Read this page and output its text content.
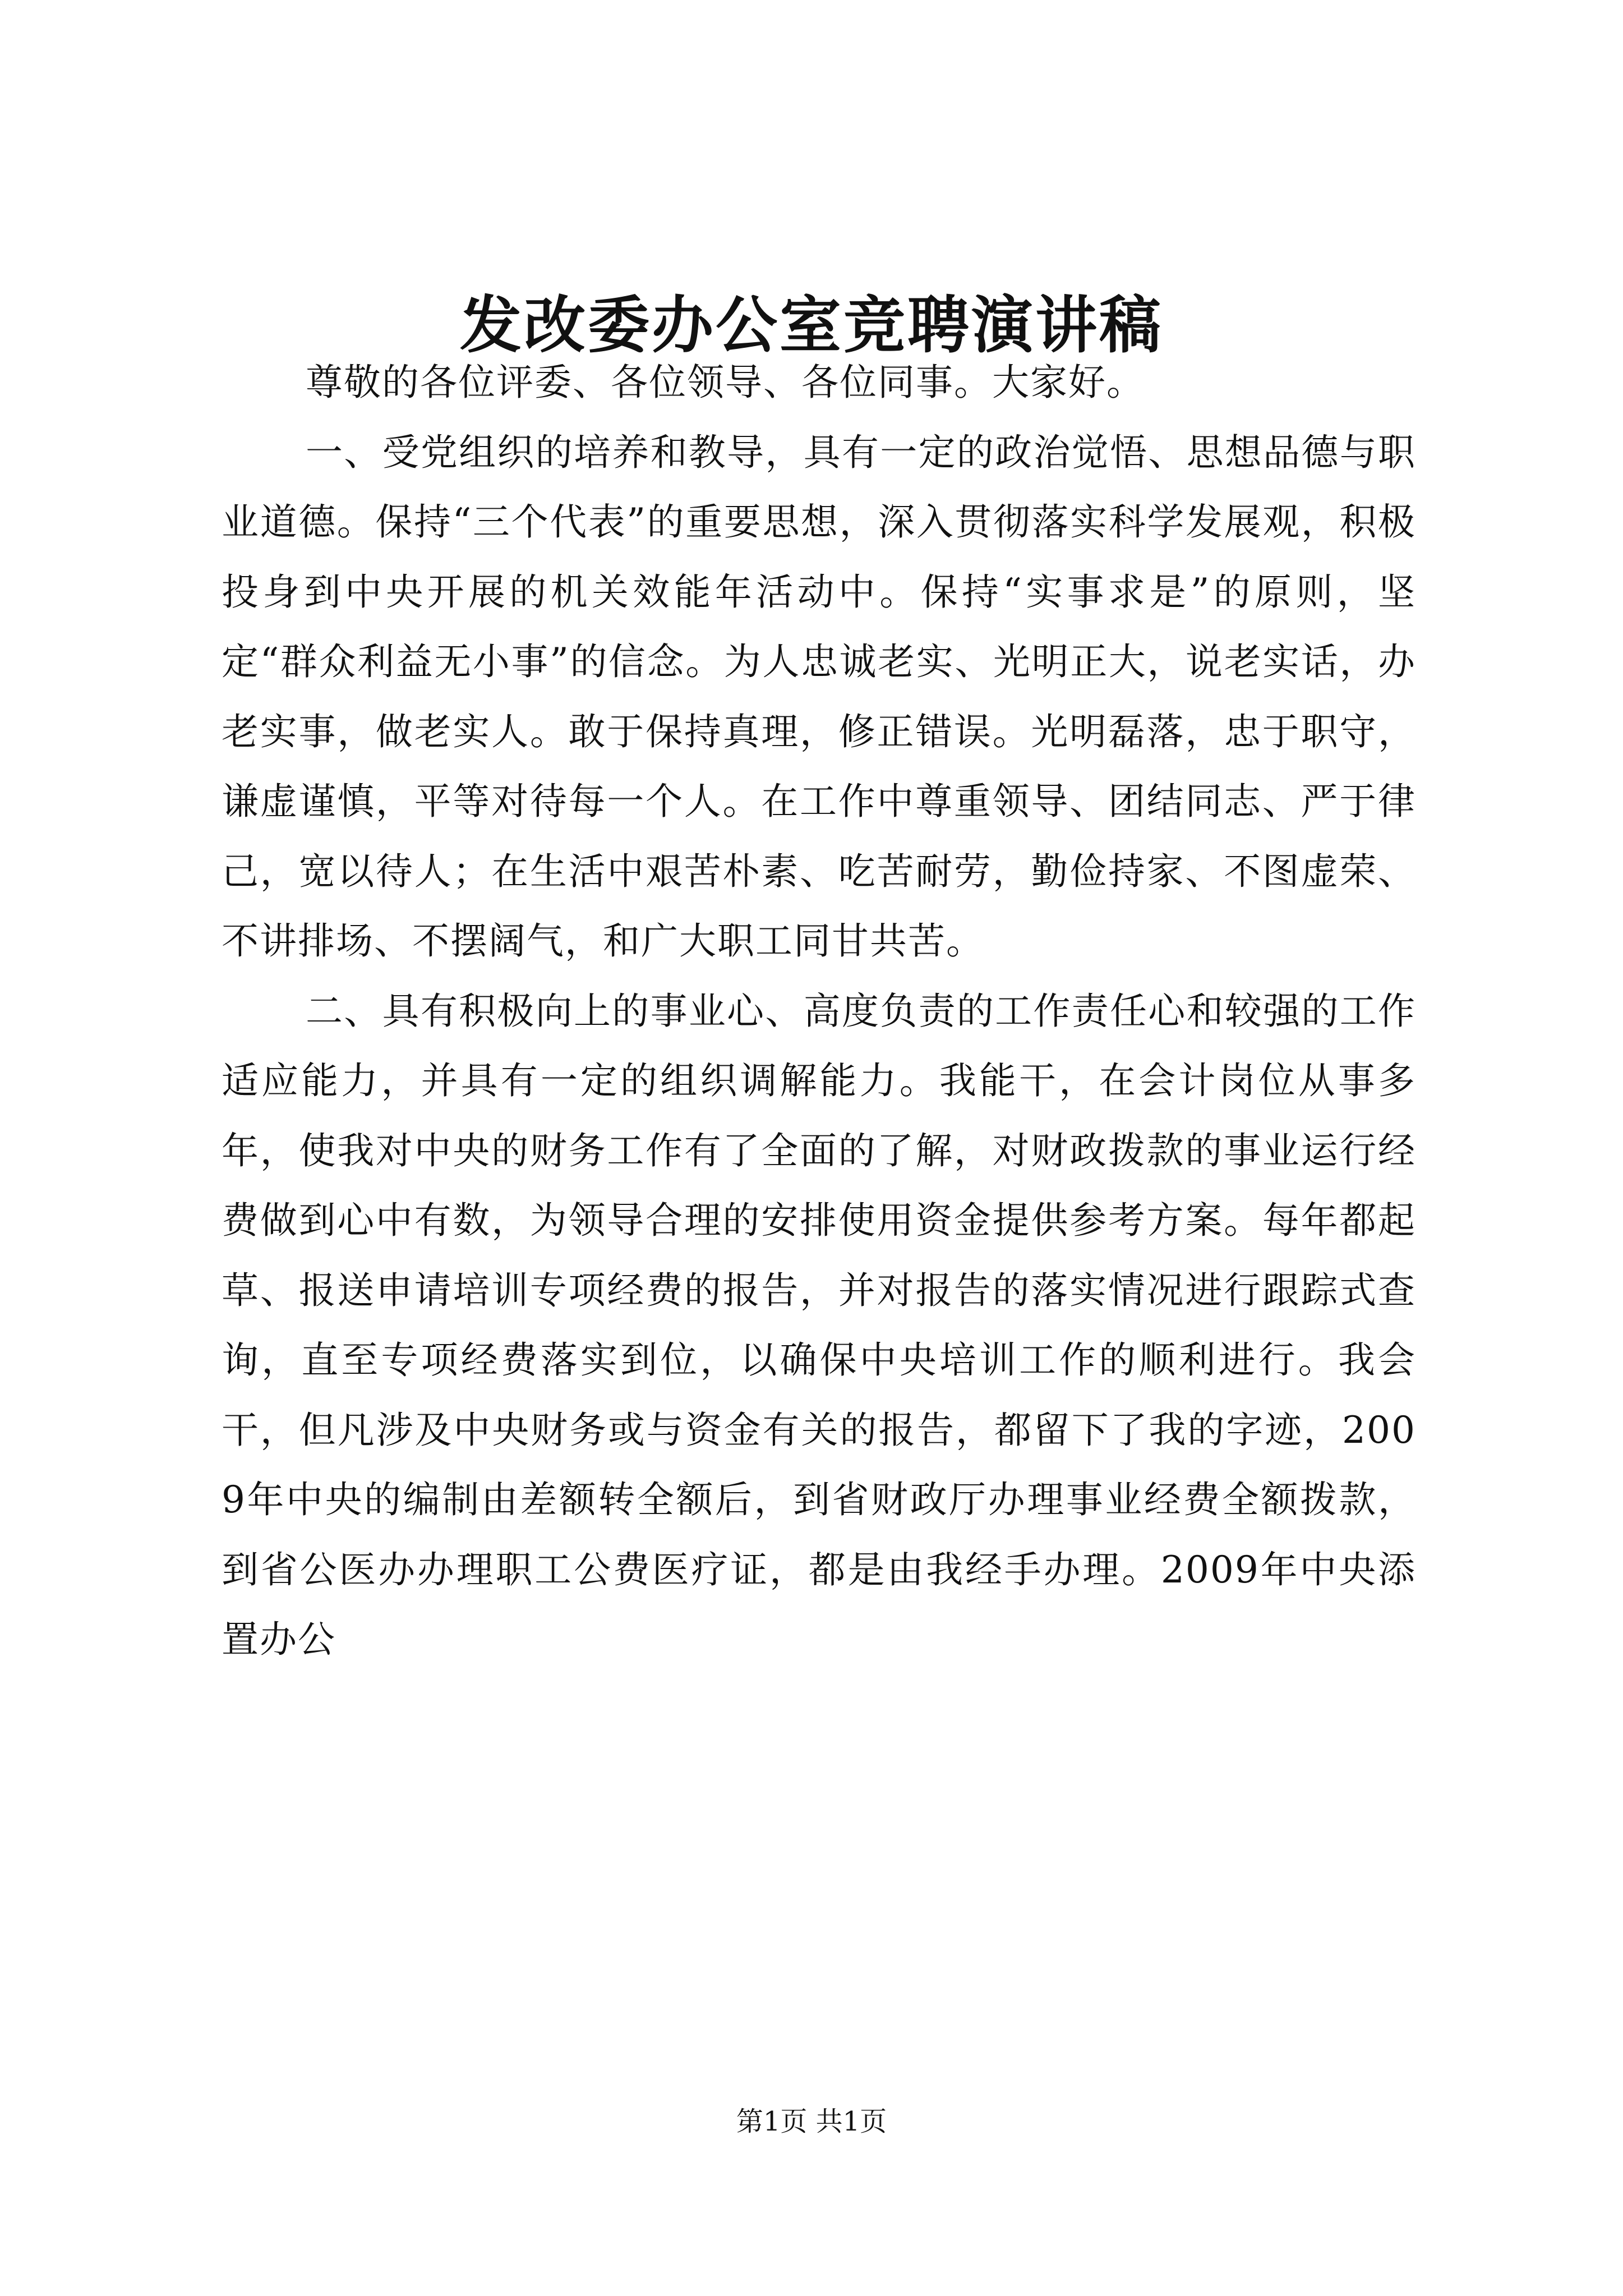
发改委办公室竞聘演讲稿

尊敬的各位评委、各位领导、各位同事。大家好。

一、受党组织的培养和教导，具有一定的政治觉悟、思想品德与职业道德。保持“三个代表”的重要思想，深入贯彻落实科学发展观，积极投身到中央开展的机关效能年活动中。保持“实事求是”的原则，坚定“群众利益无小事”的信念。为人忠诚老实、光明正大，说老实话，办老实事，做老实人。敢于保持真理，修正错误。光明磊落，忠于职守，谦虚谨慎，平等对待每一个人。在工作中尊重领导、团结同志、严于律己，宽以待人；在生活中艰苦朴素、吃苦耐劳，勤俭持家、不图虚荣、不讲排场、不摆阔气，和广大职工同甘共苦。

二、具有积极向上的事业心、高度负责的工作责任心和较强的工作适应能力，并具有一定的组织调解能力。我能干，在会计岗位从事多年，使我对中央的财务工作有了全面的了解，对财政拨款的事业运行经费做到心中有数，为领导合理的安排使用资金提供参考方案。每年都起草、报送申请培训专项经费的报告，并对报告的落实情况进行跟踪式查询，直至专项经费落实到位，以确保中央培训工作的顺利进行。我会干，但凡涉及中央财务或与资金有关的报告，都留下了我的字迹，2009年中央的编制由差额转全额后，到省财政厅办理事业经费全额拨款，到省公医办办理职工公费医疗证，都是由我经手办理。2009年中央添置办公

第1页 共1页
